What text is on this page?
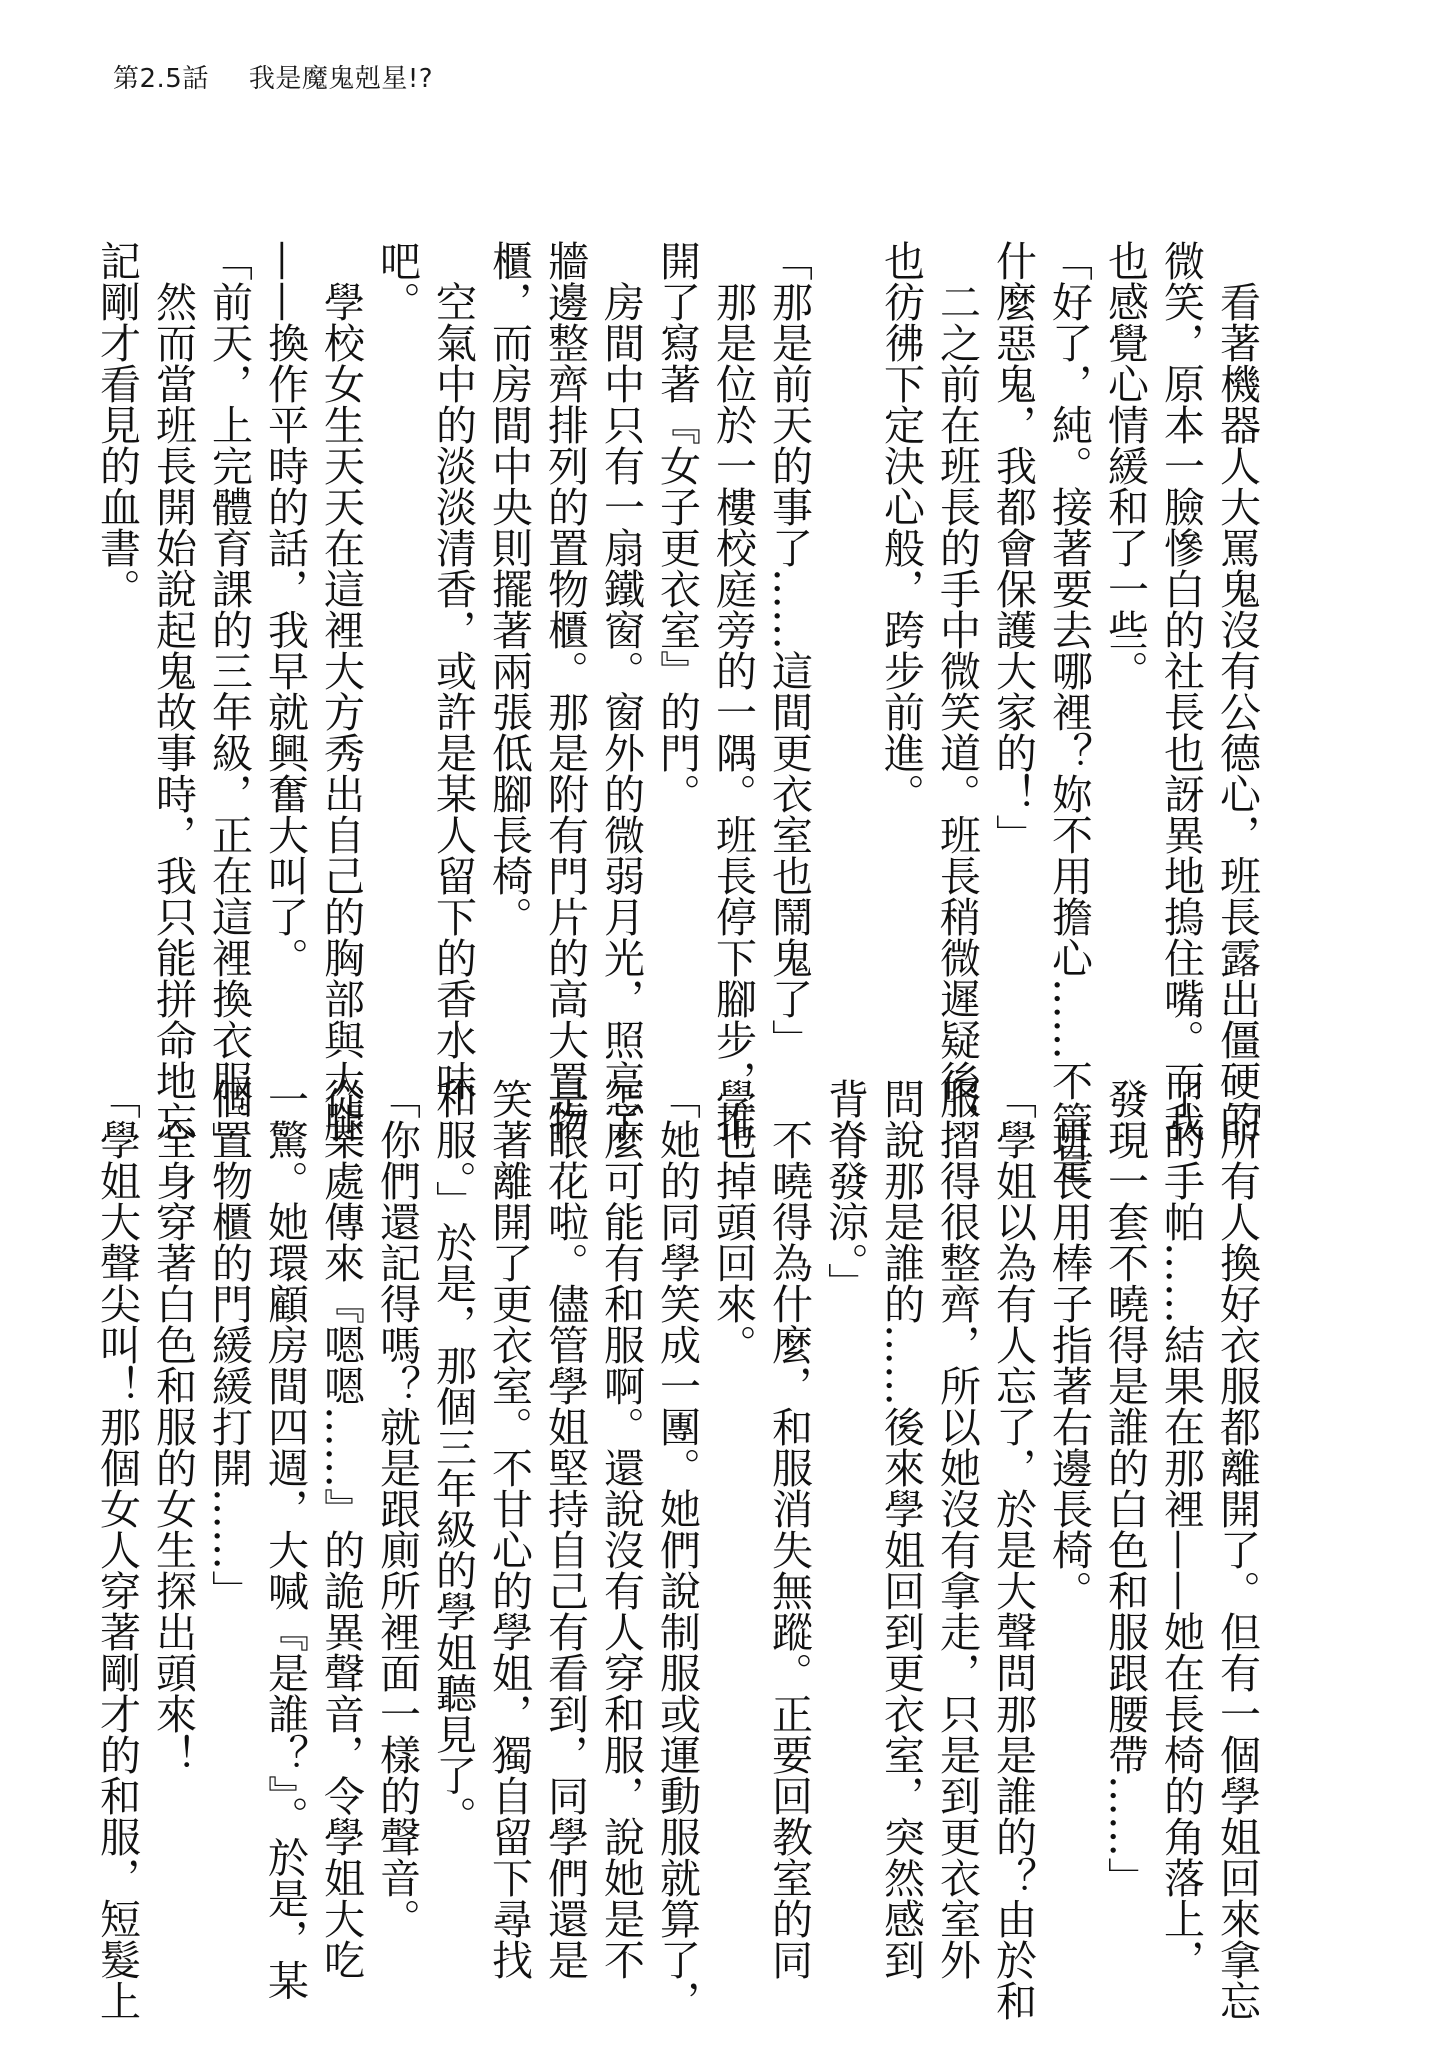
第2.5話 我是魔鬼剋星!?
看著機器人大罵鬼沒有公德心，班長露出僵硬的
微笑，原本一臉慘白的社長也訝異地摀住嘴。而我
也感覺心情緩和了一些。
「好了，純。接著要去哪裡？妳不用擔心……不管是
什麼惡鬼，我都會保護大家的！」
二之前在班長的手中微笑道。班長稍微遲疑後，
也彷彿下定決心般，跨步前進。
「那是前天的事了……這間更衣室也鬧鬼了」
那是位於一樓校庭旁的一隅。班長停下腳步，推
開了寫著『女子更衣室』的門。
房間中只有一扇鐵窗。窗外的微弱月光，照亮了
牆邊整齊排列的置物櫃。那是附有門片的高大置物
櫃，而房間中央則擺著兩張低腳長椅。
空氣中的淡淡清香，或許是某人留下的香水味
吧。
學校女生天天在這裡大方秀出自己的胸部與大腿
——換作平時的話，我早就興奮大叫了。
「前天，上完體育課的三年級，正在這裡換衣服。」
然而當班長開始說起鬼故事時，我只能拼命地忘
記剛才看見的血書。
「所有人換好衣服都離開了。但有一個學姐回來拿忘
了的手帕……結果在那裡——她在長椅的角落上，
發現一套不曉得是誰的白色和服跟腰帶……」
班長用棒子指著右邊長椅。
「學姐以為有人忘了，於是大聲問那是誰的？由於和
服摺得很整齊，所以她沒有拿走，只是到更衣室外
問說那是誰的……後來學姐回到更衣室，突然感到
背脊發涼。」
不曉得為什麼，和服消失無蹤。正要回教室的同
學也掉頭回來。
「她的同學笑成一團。她們說制服或運動服就算了，
怎麼可能有和服啊。還說沒有人穿和服，說她是不
是眼花啦。儘管學姐堅持自己有看到，同學們還是
笑著離開了更衣室。不甘心的學姐，獨自留下尋找
和服。」於是，那個三年級的學姐聽見了。
「你們還記得嗎？就是跟廁所裡面一樣的聲音。
從某處傳來『嗯嗯……』的詭異聲音，令學姐大吃
一驚。她環顧房間四週，大喊『是誰？』。於是，某
個置物櫃的門緩緩打開……」
全身穿著白色和服的女生探出頭來！
「學姐大聲尖叫！那個女人穿著剛才的和服，短髮上
